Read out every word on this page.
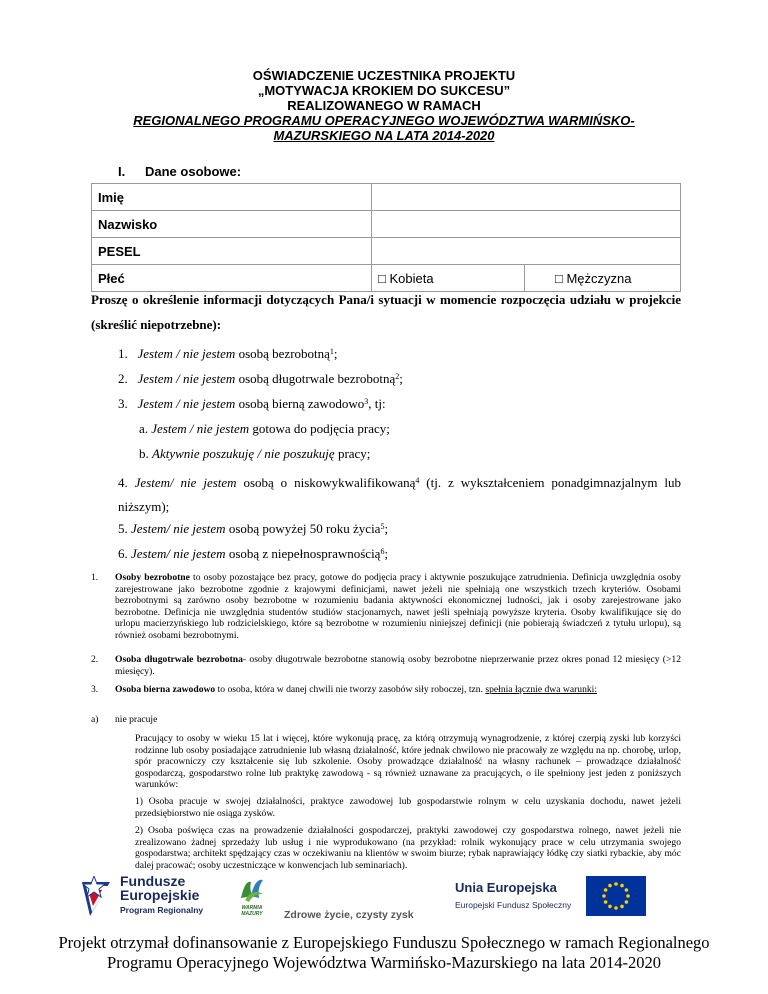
OŚWIADCZENIE UCZESTNIKA PROJEKTU
„MOTYWACJA KROKIEM DO SUKCESU”
REALIZOWANEGO W RAMACH
REGIONALNEGO PROGRAMU OPERACYJNEGO WOJEWÓDZTWA WARMIŃSKO-
MAZURSKIEGO NA LATA 2014-2020
I. Dane osobowe:
Imię		
Nazwisko		
PESEL		
Płeć	□ Kobieta	□ Mężczyzna
Proszę o określenie informacji dotyczących Pana/i sytuacji w momencie rozpoczęcia udziału w projekcie (skreślić niepotrzebne):
1. Jestem / nie jestem osobą bezrobotną$^1$;
2. Jestem / nie jestem osobą długotrwale bezrobotną$^2$;
3. Jestem / nie jestem osobą bierną zawodowo$^3$, tj:
a. Jestem / nie jestem gotowa do podjęcia pracy;
b. Aktywnie poszukuję / nie poszukuję pracy;
4. Jestem/ nie jestem osobą o niskowykwalifikowaną$^4$ (tj. z wykształceniem ponadgimnazjalnym lub niższym);
5. Jestem/ nie jestem osobą powyżej 50 roku życia$^5$;
6. Jestem/ nie jestem osobą z niepełnosprawnością$^6$;
1. Osoby bezrobotne to osoby pozostające bez pracy, gotowe do podjęcia pracy i aktywnie poszukujące zatrudnienia. Definicja uwzględnia osoby zarejestrowane jako bezrobotne zgodnie z krajowymi definicjami, nawet jeżeli nie spełniają one wszystkich trzech kryteriów. Osobami bezrobotnymi są zarówno osoby bezrobotne w rozumieniu badania aktywności ekonomicznej ludności, jak i osoby zarejestrowane jako bezrobotne. Definicja nie uwzględnia studentów studiów stacjonarnych, nawet jeśli spełniają powyższe kryteria. Osoby kwalifikujące się do urlopu macierzyńskiego lub rodzicielskiego, które są bezrobotne w rozumieniu niniejszej definicji (nie pobierają świadczeń z tytułu urlopu), są również osobami bezrobotnymi.
2. Osoba długotrwale bezrobotna- osoby długotrwale bezrobotne stanowią osoby bezrobotne nieprzerwanie przez okres ponad 12 miesięcy (>12 miesięcy).
3. Osoba bierna zawodowo to osoba, która w danej chwili nie tworzy zasobów siły roboczej, tzn. spełnia łącznie dwa warunki:
a) nie pracuje
Pracujący to osoby w wieku 15 lat i więcej, które wykonują pracę, za którą otrzymują wynagrodzenie, z której czerpią zyski lub korzyści rodzinne lub osoby posiadające zatrudnienie lub własną działalność, które jednak chwilowo nie pracowały ze względu na np. chorobę, urlop, spór pracowniczy czy kształcenie się lub szkolenie. Osoby prowadzące działalność na własny rachunek – prowadzące działalność gospodarczą, gospodarstwo rolne lub praktykę zawodową - są również uznawane za pracujących, o ile spełniony jest jeden z poniższych warunków:
1) Osoba pracuje w swojej działalności, praktyce zawodowej lub gospodarstwie rolnym w celu uzyskania dochodu, nawet jeżeli przedsiębiorstwo nie osiąga zysków.
2) Osoba poświęca czas na prowadzenie działalności gospodarczej, praktyki zawodowej czy gospodarstwa rolnego, nawet jeżeli nie zrealizowano żadnej sprzedaży lub usług i nie wyprodukowano (na przykład: rolnik wykonujący prace w celu utrzymania swojego gospodarstwa; architekt spędzający czas w oczekiwaniu na klientów w swoim biurze; rybak naprawiający łódkę czy siatki rybackie, aby móc dalej pracować; osoby uczestniczące w konwencjach lub seminariach).
Fundusze
Europejskie
Program Regionalny	WARMIA
MAZURY	Zdrowe życie, czysty zysk
Unia Europejska
Europejski Fundusz Społeczny
Projekt otrzymał dofinansowanie z Europejskiego Funduszu Społecznego w ramach Regionalnego
Programu Operacyjnego Województwa Warmińsko-Mazurskiego na lata 2014-2020
